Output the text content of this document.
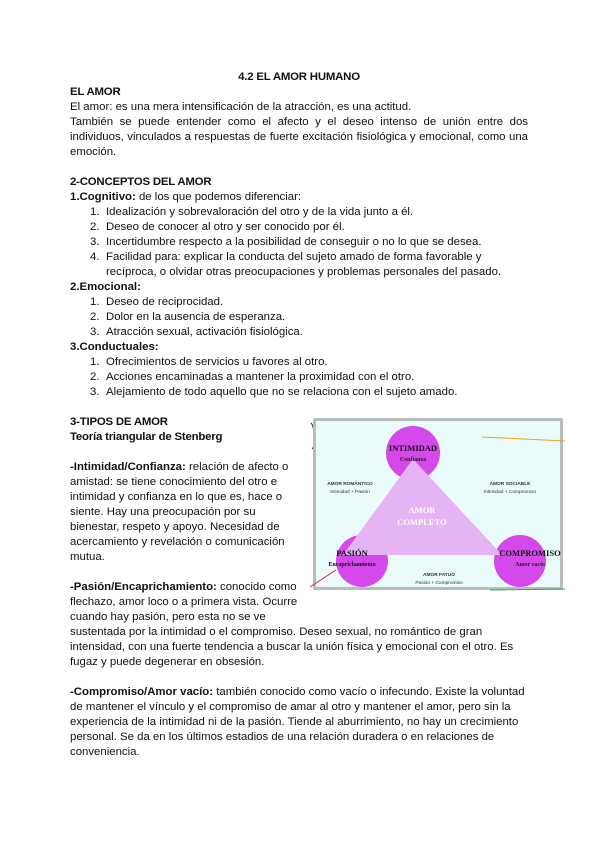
4.2 EL AMOR HUMANO
EL AMOR

El amor: es una mera intensificación de la atracción, es una actitud.

También se puede entender como el afecto y el deseo intenso de unión entre dos individuos, vinculados a respuestas de fuerte excitación fisiológica y emocional, como una emoción.

2-CONCEPTOS DEL AMOR

1.Cognitivo: de los que podemos diferenciar:

1. Idealización y sobrevaloración del otro y de la vida junto a él.
2. Deseo de conocer al otro y ser conocido por él.
3. Incertidumbre respecto a la posibilidad de conseguir o no lo que se desea.
4. Facilidad para: explicar la conducta del sujeto amado de forma favorable y recíproca, o olvidar otras preocupaciones y problemas personales del pasado.

2.Emocional:

1. Deseo de reciprocidad.
2. Dolor en la ausencia de esperanza.
3. Atracción sexual, activación fisiológica.

3.Conductuales:

1. Ofrecimientos de servicios u favores al otro.
2. Acciones encaminadas a mantener la proximidad con el otro.
3. Alejamiento de todo aquello que no se relaciona con el sujeto amado.
3-TIPOS DE AMOR
Teoría triangular de Stenberg

-Intimidad/Confianza: relación de afecto o amistad: se tiene conocimiento del otro e intimidad y confianza en lo que es, hace o siente. Hay una preocupación por su bienestar, respeto y apoyo. Necesidad de acercamiento y revelación o comunicación mutua.

-Pasión/Encaprichamiento: conocido como flechazo, amor loco o a primera vista. Ocurre cuando hay pasión, pero esta no se ve

AMOR
COMPLETO
INTIMIDAD
Confianza
PASIÓN
Encaprichamiento
COMPROMISO
Amor vacío
AMOR ROMÁNTICO
Intimidad + Pasión
AMOR SOCIABLE
Intimidad + Compromiso
AMOR FATUO
Pasión + Compromiso

sustentada por la intimidad o el compromiso. Deseo sexual, no romántico de gran intensidad, con una fuerte tendencia a buscar la unión física y emocional con el otro. Es fugaz y puede degenerar en obsesión.

-Compromiso/Amor vacío: también conocido como vacío o infecundo. Existe la voluntad de mantener el vínculo y el compromiso de amar al otro y mantener el amor, pero sin la experiencia de la intimidad ni de la pasión. Tiende al aburrimiento, no hay un crecimiento personal. Se da en los últimos estadios de una relación duradera o en relaciones de conveniencia.
